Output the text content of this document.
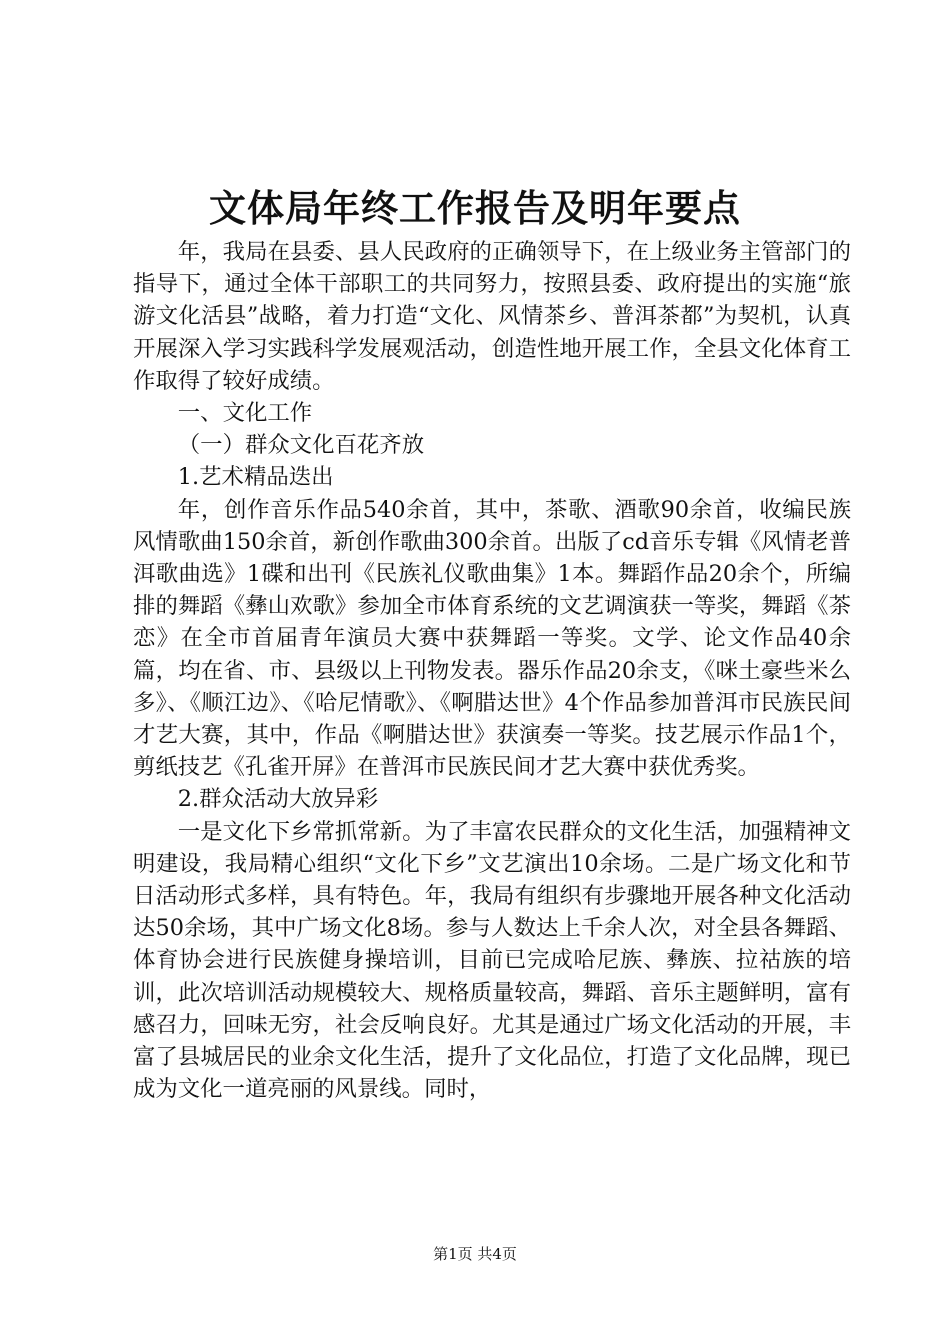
文体局年终工作报告及明年要点

年，我局在县委、县人民政府的正确领导下，在上级业务主管部门的指导下，通过全体干部职工的共同努力，按照县委、政府提出的实施“旅游文化活县”战略，着力打造“文化、风情茶乡、普洱茶都”为契机，认真开展深入学习实践科学发展观活动，创造性地开展工作，全县文化体育工作取得了较好成绩。

一、文化工作

（一）群众文化百花齐放

1.艺术精品迭出

年，创作音乐作品540余首，其中，茶歌、酒歌90余首，收编民族风情歌曲150余首，新创作歌曲300余首。出版了cd音乐专辑《风情老普洱歌曲选》1碟和出刊《民族礼仪歌曲集》1本。舞蹈作品20余个，所编排的舞蹈《彝山欢歌》参加全市体育系统的文艺调演获一等奖，舞蹈《茶恋》在全市首届青年演员大赛中获舞蹈一等奖。文学、论文作品40余篇，均在省、市、县级以上刊物发表。器乐作品20余支，《咪土豪些米么多》、《顺江边》、《哈尼情歌》、《啊腊达世》4个作品参加普洱市民族民间才艺大赛，其中，作品《啊腊达世》获演奏一等奖。技艺展示作品1个，剪纸技艺《孔雀开屏》在普洱市民族民间才艺大赛中获优秀奖。

2.群众活动大放异彩

一是文化下乡常抓常新。为了丰富农民群众的文化生活，加强精神文明建设，我局精心组织“文化下乡”文艺演出10余场。二是广场文化和节日活动形式多样，具有特色。年，我局有组织有步骤地开展各种文化活动达50余场，其中广场文化8场。参与人数达上千余人次，对全县各舞蹈、体育协会进行民族健身操培训，目前已完成哈尼族、彝族、拉祜族的培训，此次培训活动规模较大、规格质量较高，舞蹈、音乐主题鲜明，富有感召力，回味无穷，社会反响良好。尤其是通过广场文化活动的开展，丰富了县城居民的业余文化生活，提升了文化品位，打造了文化品牌，现已成为文化一道亮丽的风景线。同时，

第1页 共4页
